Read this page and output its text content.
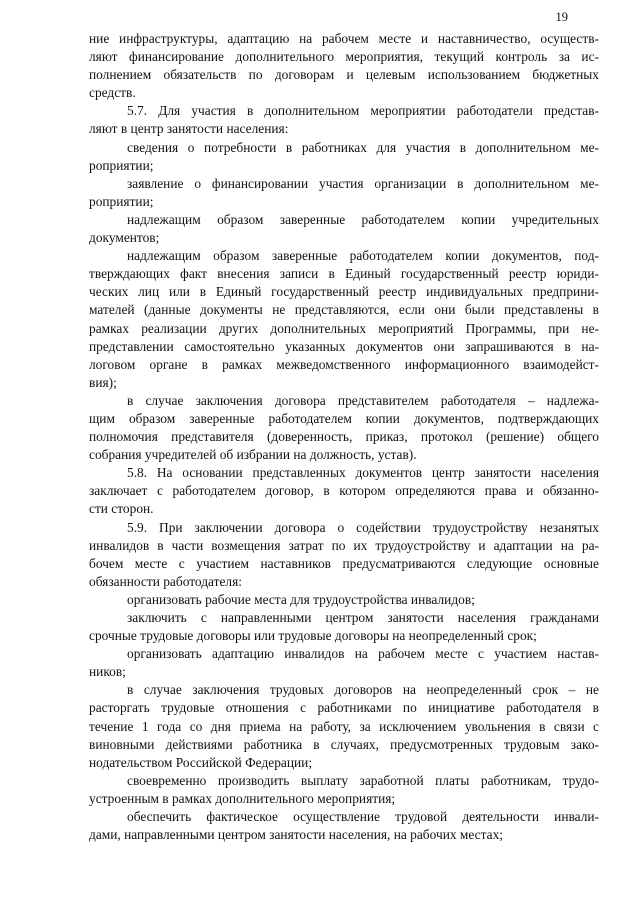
19
ние инфраструктуры, адаптацию на рабочем месте и наставничество, осуществ-
ляют финансирование дополнительного мероприятия, текущий контроль за ис-
полнением обязательств по договорам и целевым использованием бюджетных
средств.
5.7. Для участия в дополнительном мероприятии работодатели представ-
ляют в центр занятости населения:
сведения о потребности в работниках для участия в дополнительном ме-
роприятии;
заявление о финансировании участия организации в дополнительном ме-
роприятии;
надлежащим образом заверенные работодателем копии учредительных
документов;
надлежащим образом заверенные работодателем копии документов, под-
тверждающих факт внесения записи в Единый государственный реестр юриди-
ческих лиц или в Единый государственный реестр индивидуальных предприни-
мателей (данные документы не представляются, если они были представлены в
рамках реализации других дополнительных мероприятий Программы, при не-
представлении самостоятельно указанных документов они запрашиваются в на-
логовом органе в рамках межведомственного информационного взаимодейст-
вия);
в случае заключения договора представителем работодателя – надлежа-
щим образом заверенные работодателем копии документов, подтверждающих
полномочия представителя (доверенность, приказ, протокол (решение) общего
собрания учредителей об избрании на должность, устав).
5.8. На основании представленных документов центр занятости населения
заключает с работодателем договор, в котором определяются права и обязанно-
сти сторон.
5.9. При заключении договора о содействии трудоустройству незанятых
инвалидов в части возмещения затрат по их трудоустройству и адаптации на ра-
бочем месте с участием наставников предусматриваются следующие основные
обязанности работодателя:
организовать рабочие места для трудоустройства инвалидов;
заключить с направленными центром занятости населения гражданами
срочные трудовые договоры или трудовые договоры на неопределенный срок;
организовать адаптацию инвалидов на рабочем месте с участием настав-
ников;
в случае заключения трудовых договоров на неопределенный срок – не
расторгать трудовые отношения с работниками по инициативе работодателя в
течение 1 года со дня приема на работу, за исключением увольнения в связи с
виновными действиями работника в случаях, предусмотренных трудовым зако-
нодательством Российской Федерации;
своевременно производить выплату заработной платы работникам, трудо-
устроенным в рамках дополнительного мероприятия;
обеспечить фактическое осуществление трудовой деятельности инвали-
дами, направленными центром занятости населения, на рабочих местах;
